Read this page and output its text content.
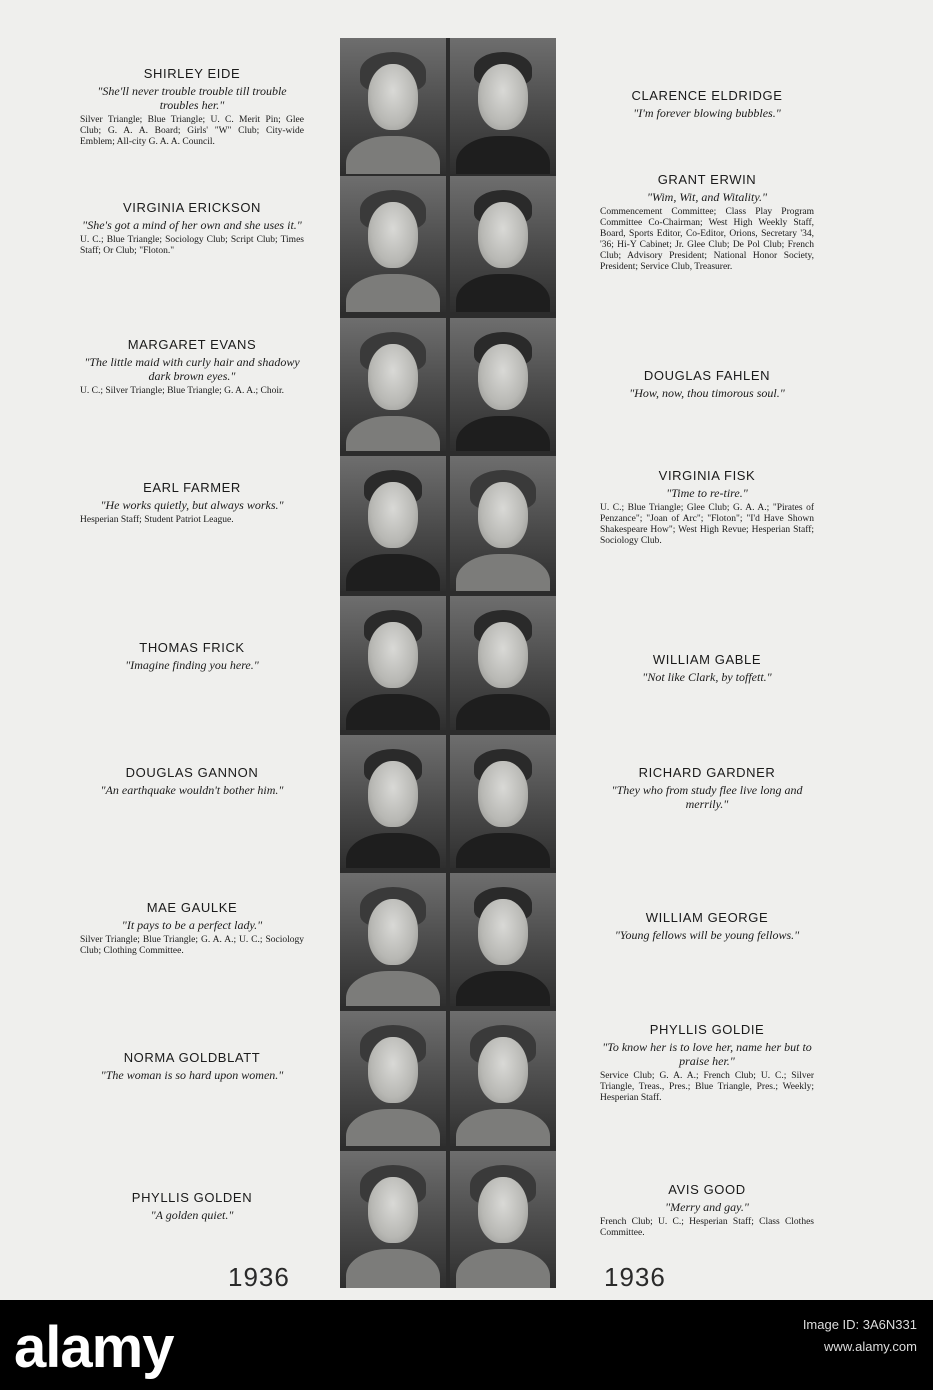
SHIRLEY EIDE
"She'll never trouble trouble till trouble troubles her."
Silver Triangle; Blue Triangle; U. C. Merit Pin; Glee Club; G. A. A. Board; Girls' "W" Club; City-wide Emblem; All-city G. A. A. Council.
VIRGINIA ERICKSON
"She's got a mind of her own and she uses it."
U. C.; Blue Triangle; Sociology Club; Script Club; Times Staff; Or Club; "Floton."
MARGARET EVANS
"The little maid with curly hair and shadowy dark brown eyes."
U. C.; Silver Triangle; Blue Triangle; G. A. A.; Choir.
EARL FARMER
"He works quietly, but always works."
Hesperian Staff; Student Patriot League.
THOMAS FRICK
"Imagine finding you here."
DOUGLAS GANNON
"An earthquake wouldn't bother him."
MAE GAULKE
"It pays to be a perfect lady."
Silver Triangle; Blue Triangle; G. A. A.; U. C.; Sociology Club; Clothing Committee.
NORMA GOLDBLATT
"The woman is so hard upon women."
PHYLLIS GOLDEN
"A golden quiet."
CLARENCE ELDRIDGE
"I'm forever blowing bubbles."
GRANT ERWIN
"Wim, Wit, and Witality."
Commencement Committee; Class Play Program Committee Co-Chairman; West High Weekly Staff, Board, Sports Editor, Co-Editor, Orions, Secretary '34, '36; Hi-Y Cabinet; Jr. Glee Club; De Pol Club; French Club; Advisory President; National Honor Society, President; Service Club, Treasurer.
DOUGLAS FAHLEN
"How, now, thou timorous soul."
VIRGINIA FISK
"Time to re-tire."
U. C.; Blue Triangle; Glee Club; G. A. A.; "Pirates of Penzance"; "Joan of Arc"; "Floton"; "I'd Have Shown Shakespeare How"; West High Revue; Hesperian Staff; Sociology Club.
WILLIAM GABLE
"Not like Clark, by toffett."
RICHARD GARDNER
"They who from study flee live long and merrily."
WILLIAM GEORGE
"Young fellows will be young fellows."
PHYLLIS GOLDIE
"To know her is to love her, name her but to praise her."
Service Club; G. A. A.; French Club; U. C.; Silver Triangle, Treas., Pres.; Blue Triangle, Pres.; Weekly; Hesperian Staff.
AVIS GOOD
"Merry and gay."
French Club; U. C.; Hesperian Staff; Class Clothes Committee.
1936	1936
alamy	Image ID: 3A6N331
www.alamy.com
